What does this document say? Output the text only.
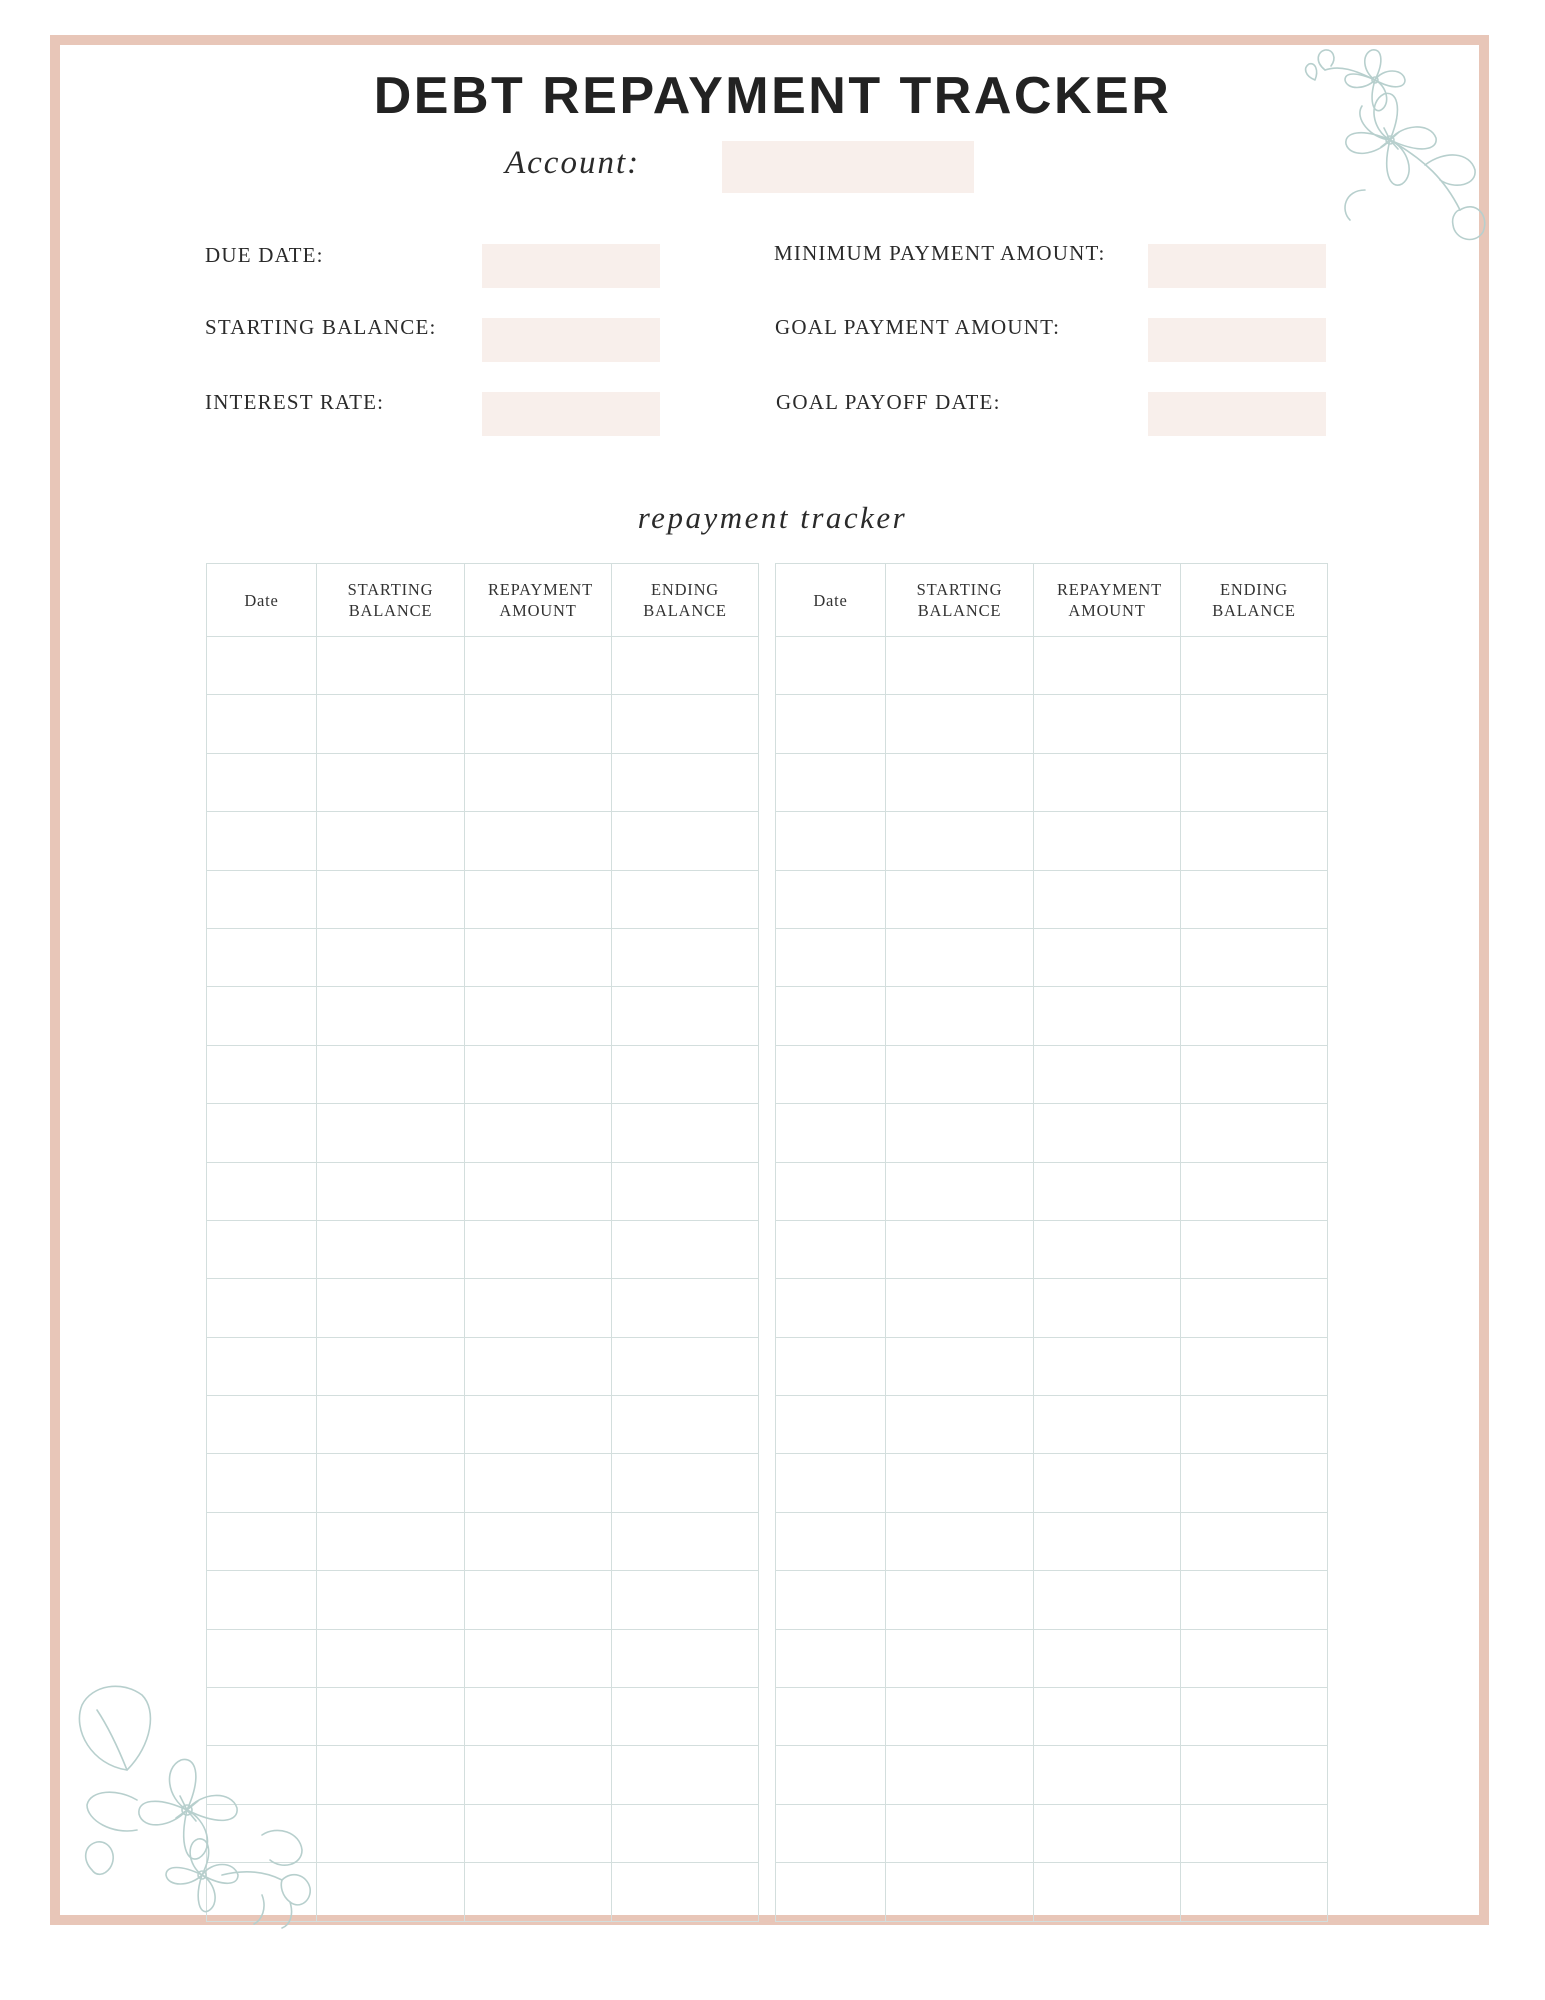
DEBT REPAYMENT TRACKER
Account:
DUE DATE:
STARTING BALANCE:
INTEREST RATE:
MINIMUM PAYMENT AMOUNT:
GOAL PAYMENT AMOUNT:
GOAL PAYOFF DATE:
repayment tracker
Date	STARTING BALANCE	REPAYMENT AMOUNT	ENDING BALANCE

Date	STARTING BALANCE	REPAYMENT AMOUNT	ENDING BALANCE
